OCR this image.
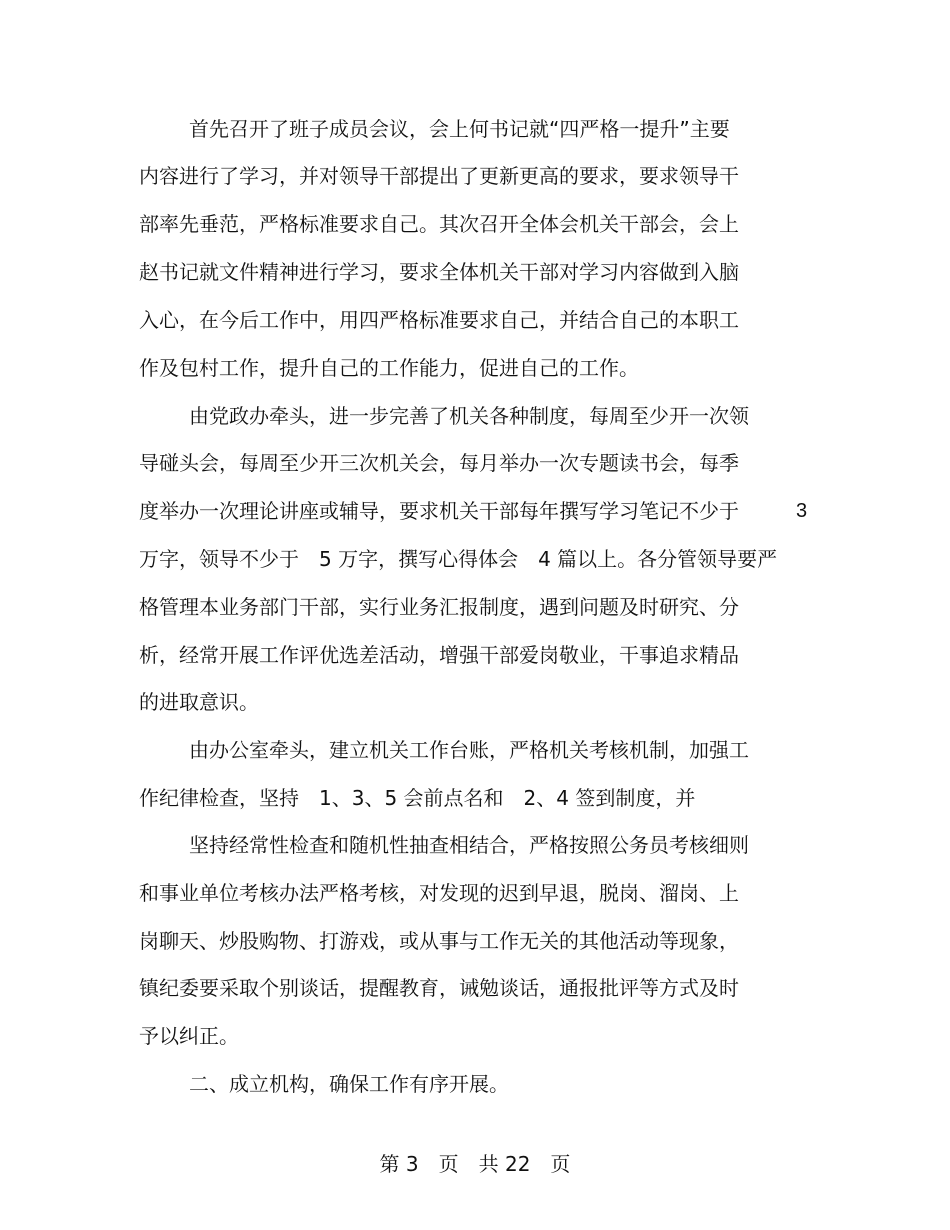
首先召开了班子成员会议，会上何书记就“四严格一提升”主要
内容进行了学习，并对领导干部提出了更新更高的要求，要求领导干
部率先垂范，严格标准要求自己。其次召开全体会机关干部会，会上
赵书记就文件精神进行学习，要求全体机关干部对学习内容做到入脑
入心，在今后工作中，用四严格标准要求自己，并结合自己的本职工
作及包村工作，提升自己的工作能力，促进自己的工作。
由党政办牵头，进一步完善了机关各种制度，每周至少开一次领
导碰头会，每周至少开三次机关会，每月举办一次专题读书会，每季
度举办一次理论讲座或辅导，要求机关干部每年撰写学习笔记不少于	3
万字，领导不少于　5 万字，撰写心得体会　4 篇以上。各分管领导要严
格管理本业务部门干部，实行业务汇报制度，遇到问题及时研究、分
析，经常开展工作评优选差活动，增强干部爱岗敬业，干事追求精品
的进取意识。
由办公室牵头，建立机关工作台账，严格机关考核机制，加强工
作纪律检查，坚持　1、3、5 会前点名和　2、4 签到制度，并
坚持经常性检查和随机性抽查相结合，严格按照公务员考核细则
和事业单位考核办法严格考核，对发现的迟到早退，脱岗、溜岗、上
岗聊天、炒股购物、打游戏，或从事与工作无关的其他活动等现象，
镇纪委要采取个别谈话，提醒教育，诫勉谈话，通报批评等方式及时
予以纠正。
二、成立机构，确保工作有序开展。
第 3　页　共 22　页
